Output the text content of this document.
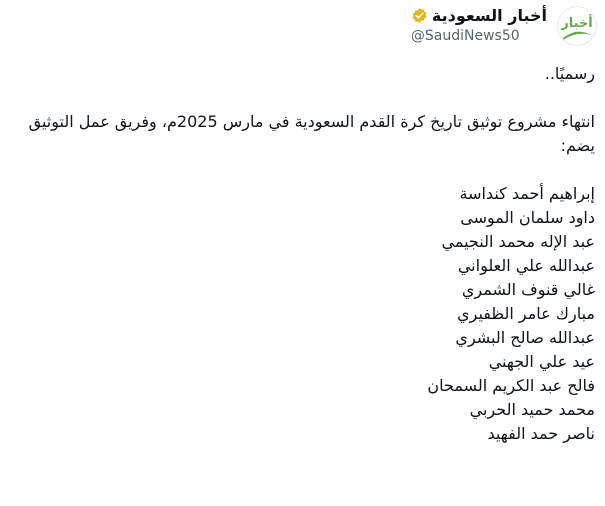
أخبار
أخبار السعودية
@SaudiNews50
رسميًا..
انتهاء مشروع توثيق تاريخ كرة القدم السعودية في مارس 2025م، وفريق عمل التوثيق يضم:
إبراهيم أحمد كنداسة
داود سلمان الموسى
عبد الإله محمد النجيمي
عبدالله علي العلواني
غالي قنوف الشمري
مبارك عامر الظفيري
عبدالله صالح البشري
عيد علي الجهني
فالح عبد الكريم السمحان
محمد حميد الحربي
ناصر حمد الفهيد
